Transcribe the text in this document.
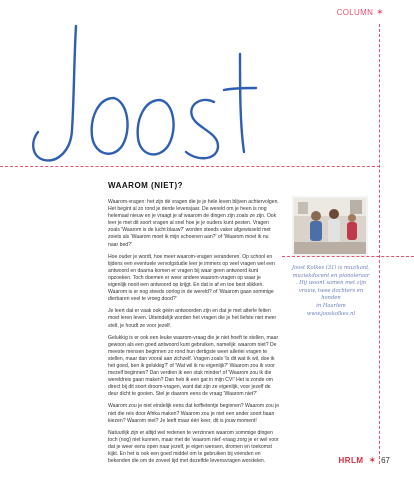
COLUMN ✶
WAAROM (NIET)?

Waarom-vragen: het zijn dé vragen die je je hele leven blijven achtervolgen. Het begint al zo rond je derde levensjaar. De wereld om je heen is nog helemaal nieuw en je vraagt je af waarom de dingen zijn zoals ze zijn. Ook leer je met dit soort vragen al snel hoe je je ouders kunt pesten. Vragen zoals 'Waarom is de lucht blauw?' worden steeds vaker afgewisseld met zoiets als 'Waarom moet ik mijn schoenen aan?' of 'Waarom moet ik nu naar bed?'

Hoe ouder je wordt, hoe meer waarom-vragen veranderen. Op school en tijdens een eventuele vervolgstudie leer je immers op veel vragen wel een antwoord en daarna komen er vragen bij waar geen antwoord kunt opzoeken. Toch doemen er weer andere waarom-vragen op waar je eigenlijk nooit een antwoord op krijgt. En dat is af en toe best slikken. Waarom is er nog steeds oorlog in de wereld? of 'Waarom gaan sommige dierbaren veel te vroeg dood?'

Je leert dat er vaak ook géén antwoorden zijn en dat je met alterle feiten moet leren leven. Uiteindelijk worden het vragen die je het liefste niet meer stelt, je houdt ze voor jezelf.

Gelukkig is er ook een leuke waarom-vraag die je niet hoeft te stellen, maar gewoon als een goed antwoord kunt gebruiken, namelijk: waarom niet? De meeste mensen beginnen zo rond hun dertigste weer allerlei vragen te stellen, maar dan vooral aan zichzelf. Vragen zoals 'Is dit wat ik wil, doe ik het goed, ben ik gelukkig?' of 'Wat wil ik nu eigenlijk?' Waarom zou ik voor mezelf beginnen? Dan verdien ik een stuk minder! of 'Waarom zou ik die wereldreis gaan maken? Dan heb ik een gat in mijn CV!' Het is zonde om direct bij dit soort droom-vragen, want dat zijn ze eigenlijk, voor jezelf de deur dicht te gooien. Stel je daarom eens de vraag 'Waarom niet?'

Waarom zou je niet eindelijk eens dat koffietentje beginnen? Waarom zou je niet die reis door Afrika maken? Waarom zou je niet een ander soort baan kiezen? Waarom niet? Je leeft maar één keer, dit is jouw moment!

Natuurlijk zijn er altijd wel redenen te verzinnen waarom sommige dingen toch (nog) niet kunnen, maar met de 'waarom niet'-vraag zorg je er wel voor dat je weer eens open naar jezelf, je eigen wensen, dromen en toekomst kijkt. En het is ook een goed middel om te gebruiken bij vrienden en bekenden die om de zoveel tijd met dezelfde levensvragen worstelen.

Joost Kolkes (31) is muzikant,
muziekdocent en pianoleraar
. Hij woont samen met zijn
vrouw, twee dochters en honden
in Haarlem
www.jooskolkes.nl
HRLM ✶ 67
